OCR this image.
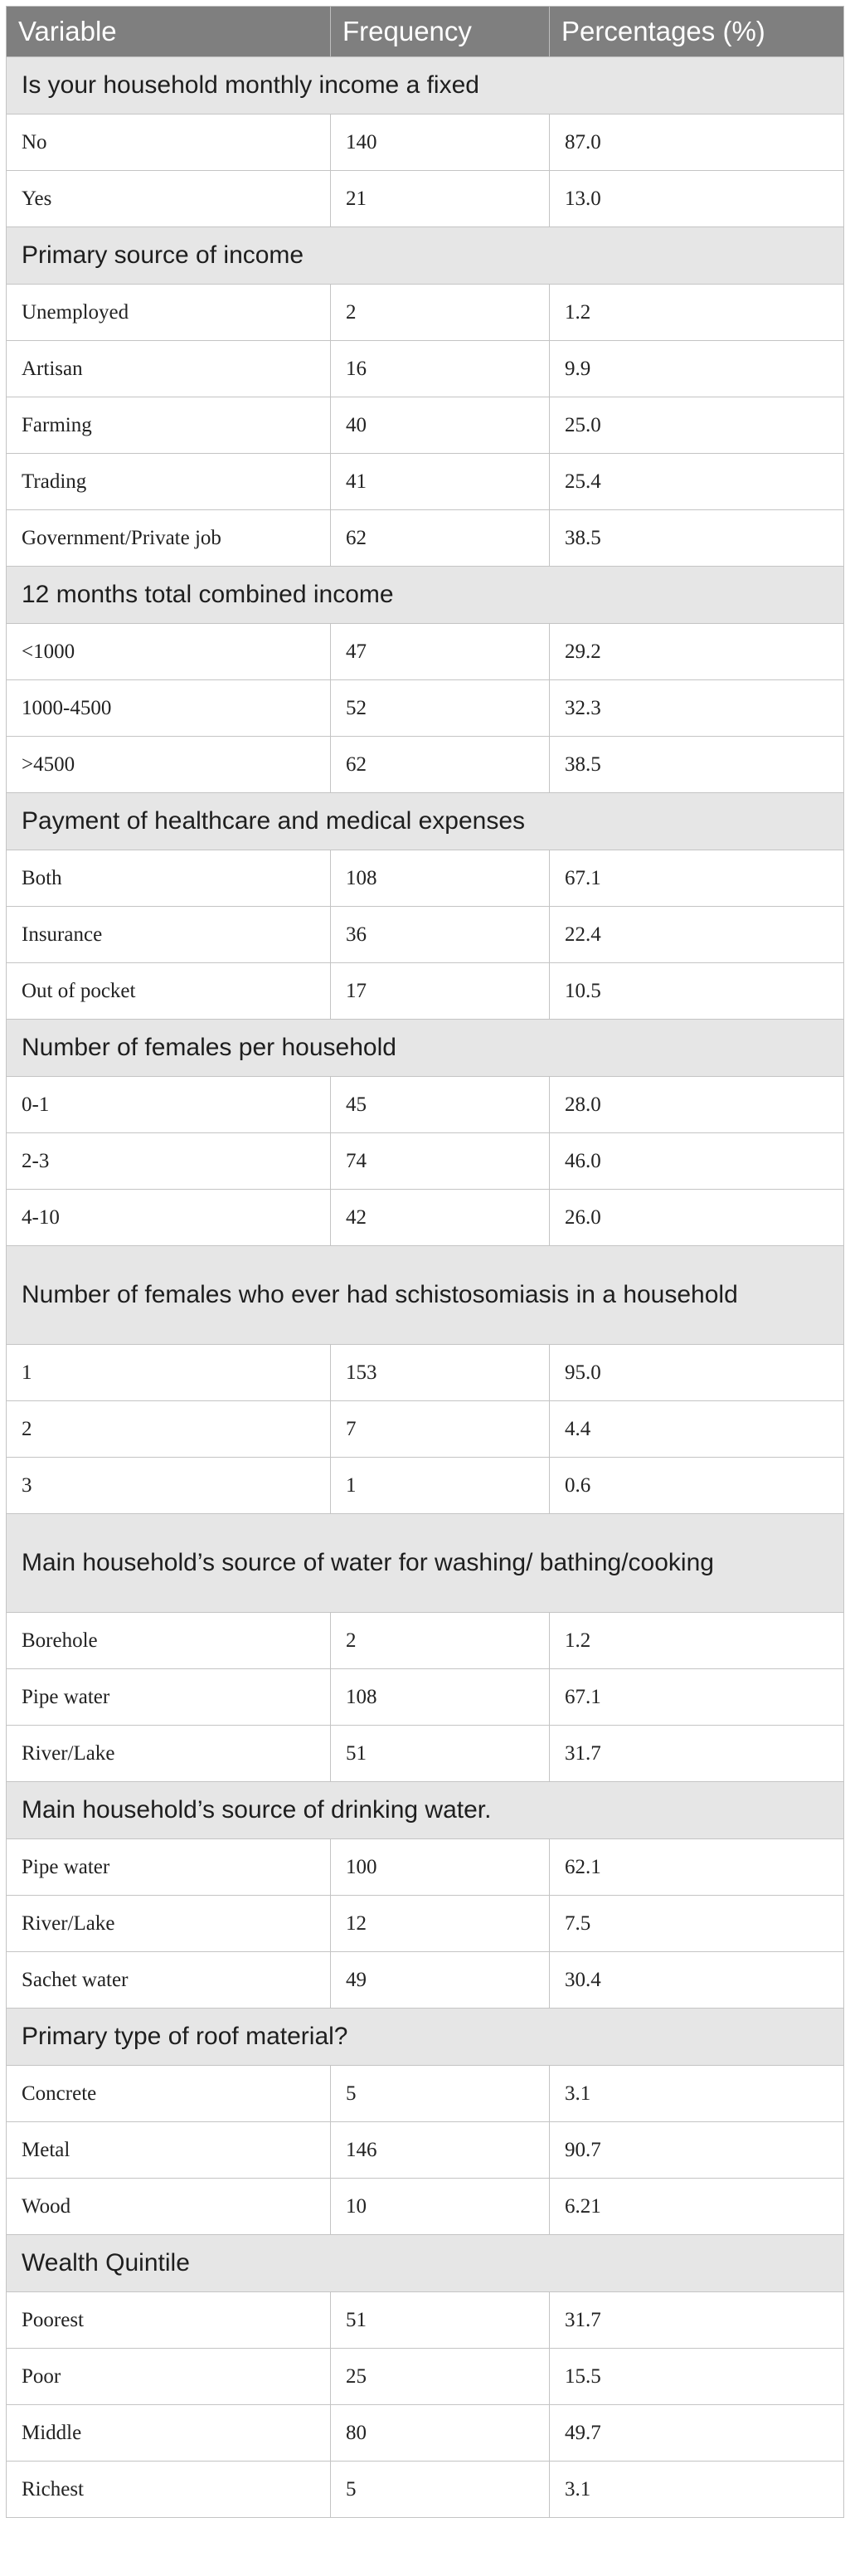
Variable	Frequency	Percentages (%)
Is your household monthly income a fixed		
No	140	87.0
Yes	21	13.0
Primary source of income		
Unemployed	2	1.2
Artisan	16	9.9
Farming	40	25.0
Trading	41	25.4
Government/Private job	62	38.5
12 months total combined income		
<1000	47	29.2
1000-4500	52	32.3
>4500	62	38.5
Payment of healthcare and medical expenses		
Both	108	67.1
Insurance	36	22.4
Out of pocket	17	10.5
Number of females per household		
0-1	45	28.0
2-3	74	46.0
4-10	42	26.0
Number of females who ever had schistosomiasis in a household		
1	153	95.0
2	7	4.4
3	1	0.6
Main household’s source of water for washing/ bathing/cooking		
Borehole	2	1.2
Pipe water	108	67.1
River/Lake	51	31.7
Main household’s source of drinking water.		
Pipe water	100	62.1
River/Lake	12	7.5
Sachet water	49	30.4
Primary type of roof material?		
Concrete	5	3.1
Metal	146	90.7
Wood	10	6.21
Wealth Quintile		
Poorest	51	31.7
Poor	25	15.5
Middle	80	49.7
Richest	5	3.1
